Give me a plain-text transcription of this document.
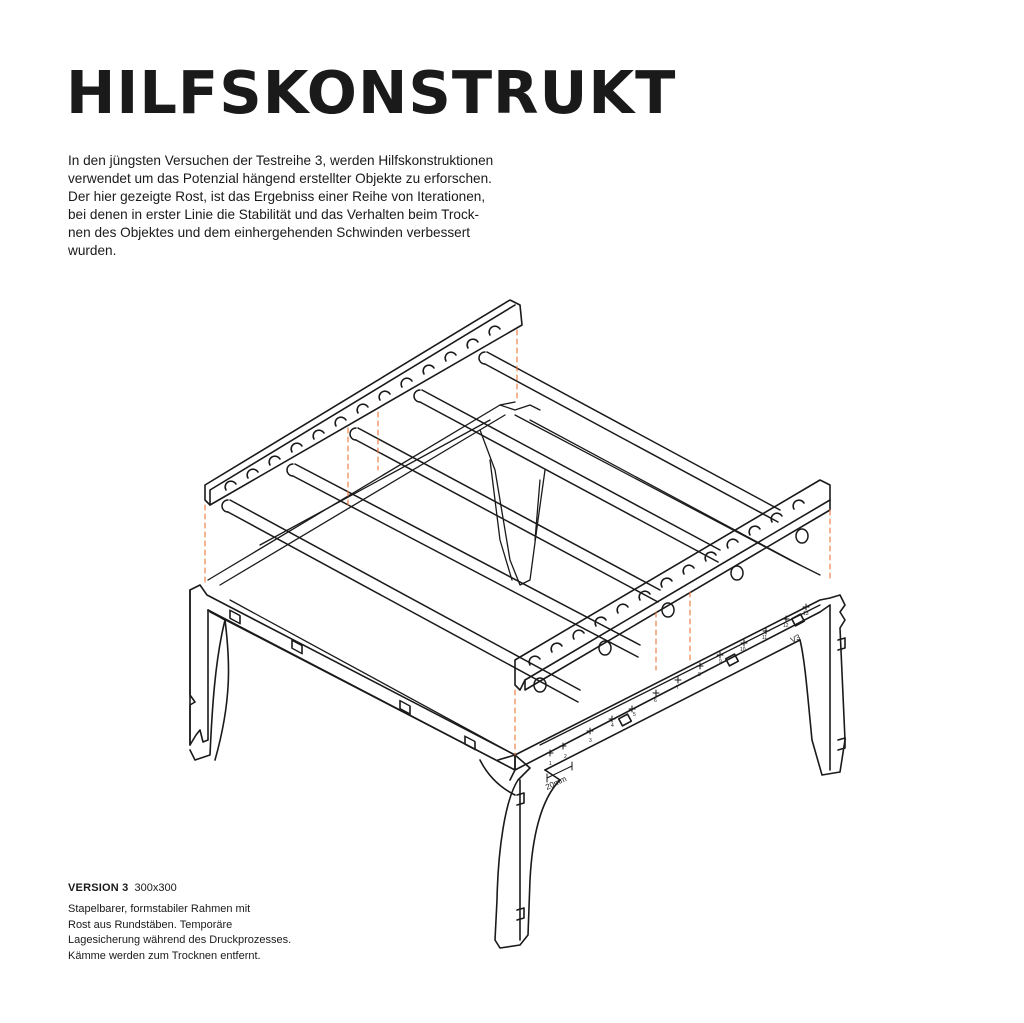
HILFSKONSTRUKT
In den jüngsten Versuchen der Testreihe 3, werden Hilfskonstruktionen
verwendet um das Potenzial hängend erstellter Objekte zu erforschen.
Der hier gezeigte Rost, ist das Ergebniss einer Reihe von Iterationen,
bei denen in erster Linie die Stabilität und das Verhalten beim Trock-
nen des Objektes und dem einhergehenden Schwinden verbessert
wurden.
1
2
3
4
5
6
7
8
9
10
11
12
13
20mm
V3
VERSION 3 300x300
Stapelbarer, formstabiler Rahmen mit
Rost aus Rundstäben. Temporäre
Lagesicherung während des Druckprozesses.
Kämme werden zum Trocknen entfernt.
